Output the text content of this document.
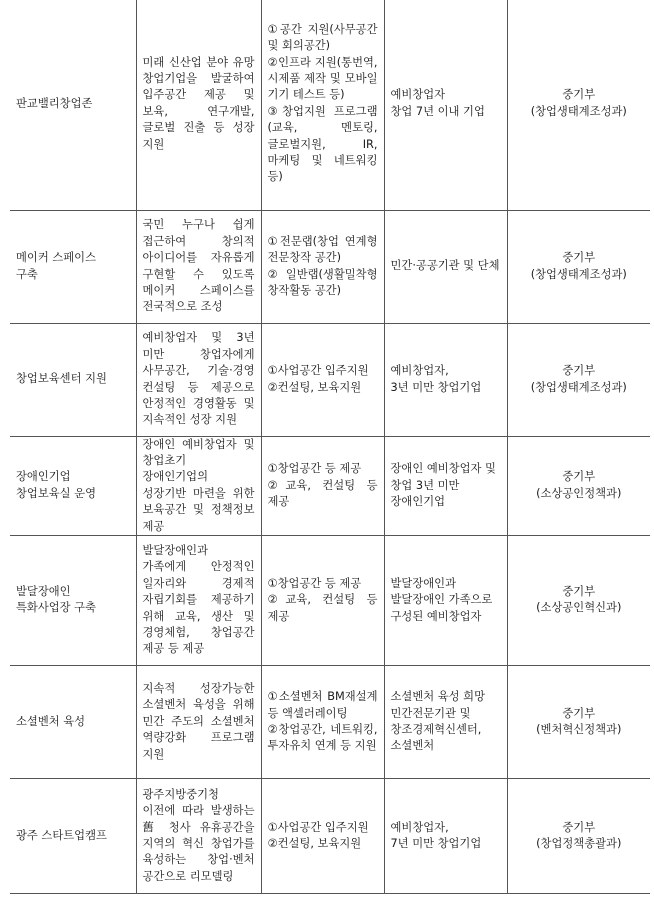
판교밸리창업존	미래 신산업 분야 유망 창업기업을 발굴하여 입주공간 제공 및 보육, 연구개발, 글로벌 진출 등 성장 지원	①공간 지원(사무공간 및 회의공간)
②인프라 지원(통번역, 시제품 제작 및 모바일 기기 테스트 등)
③창업지원 프로그램(교육, 멘토링, 글로벌지원, IR, 마케팅 및 네트워킹 등)	예비창업자
창업 7년 이내 기업	중기부
(창업생태계조성과)

메이커 스페이스
구축	국민 누구나 쉽게 접근하여 창의적 아이디어를 자유롭게 구현할 수 있도록 메이커 스페이스를 전국적으로 조성	①전문랩(창업 연계형 전문창작 공간)
②일반랩(생활밀착형 창작활동 공간)	민간·공공기관 및 단체	중기부
(창업생태계조성과)

창업보육센터 지원	예비창업자 및 3년 미만 창업자에게 사무공간, 기술·경영 컨설팅 등 제공으로 안정적인 경영활동 및 지속적인 성장 지원	①사업공간 입주지원
②컨설팅, 보육지원	예비창업자,
3년 미만 창업기업	중기부
(창업생태계조성과)

장애인기업
창업보육실 운영	장애인 예비창업자 및 창업초기 장애인기업의 성장기반 마련을 위한 보육공간 및 정책정보 제공	①창업공간 등 제공
②교육, 컨설팅 등 제공	장애인 예비창업자 및 창업 3년 미만 장애인기업	중기부
(소상공인정책과)

발달장애인
특화사업장 구축	발달장애인과 가족에게 안정적인 일자리와 경제적 자립기회를 제공하기 위해 교육, 생산 및 경영체험, 창업공간 제공 등 제공	①창업공간 등 제공
②교육, 컨설팅 등 제공	발달장애인과 발달장애인 가족으로 구성된 예비창업자	중기부
(소상공인혁신과)

소셜벤처 육성	지속적 성장가능한 소셜벤처 육성을 위해 민간 주도의 소셜벤처 역량강화 프로그램 지원	①소셜벤처 BM재설계 등 액셀러레이팅
②창업공간, 네트워킹, 투자유치 연계 등 지원	소셜벤처 육성 희망 민간전문기관 및 창조경제혁신센터, 소셜벤처	중기부
(벤처혁신정책과)

광주 스타트업캠프	광주지방중기청 이전에 따라 발생하는 舊 청사 유휴공간을 지역의 혁신 창업가를 육성하는 창업·벤처 공간으로 리모델링	①사업공간 입주지원
②컨설팅, 보육지원	예비창업자,
7년 미만 창업기업	중기부
(창업정책총괄과)
